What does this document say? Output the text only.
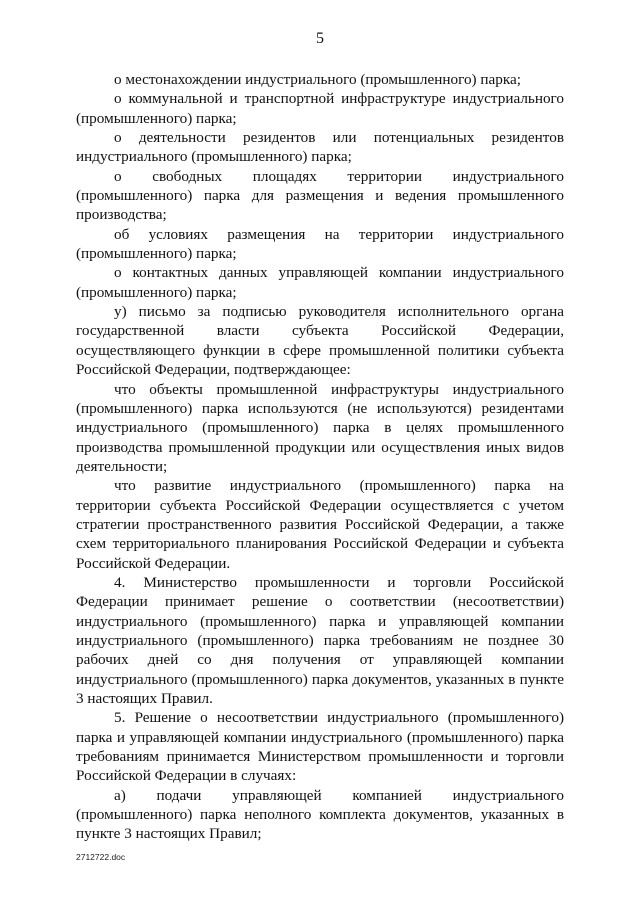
5

о местонахождении индустриального (промышленного) парка;

о коммунальной и транспортной инфраструктуре индустриального (промышленного) парка;

о деятельности резидентов или потенциальных резидентов индустриального (промышленного) парка;

о свободных площадях территории индустриального (промышленного) парка для размещения и ведения промышленного производства;

об условиях размещения на территории индустриального (промышленного) парка;

о контактных данных управляющей компании индустриального (промышленного) парка;

у) письмо за подписью руководителя исполнительного органа государственной власти субъекта Российской Федерации, осуществляющего функции в сфере промышленной политики субъекта Российской Федерации, подтверждающее:

что объекты промышленной инфраструктуры индустриального (промышленного) парка используются (не используются) резидентами индустриального (промышленного) парка в целях промышленного производства промышленной продукции или осуществления иных видов деятельности;

что развитие индустриального (промышленного) парка на территории субъекта Российской Федерации осуществляется с учетом стратегии пространственного развития Российской Федерации, а также схем территориального планирования Российской Федерации и субъекта Российской Федерации.

4. Министерство промышленности и торговли Российской Федерации принимает решение о соответствии (несоответствии) индустриального (промышленного) парка и управляющей компании индустриального (промышленного) парка требованиям не позднее 30 рабочих дней со дня получения от управляющей компании индустриального (промышленного) парка документов, указанных в пункте 3 настоящих Правил.

5. Решение о несоответствии индустриального (промышленного) парка и управляющей компании индустриального (промышленного) парка требованиям принимается Министерством промышленности и торговли Российской Федерации в случаях:

а) подачи управляющей компанией индустриального (промышленного) парка неполного комплекта документов, указанных в пункте 3 настоящих Правил;

2712722.doc
